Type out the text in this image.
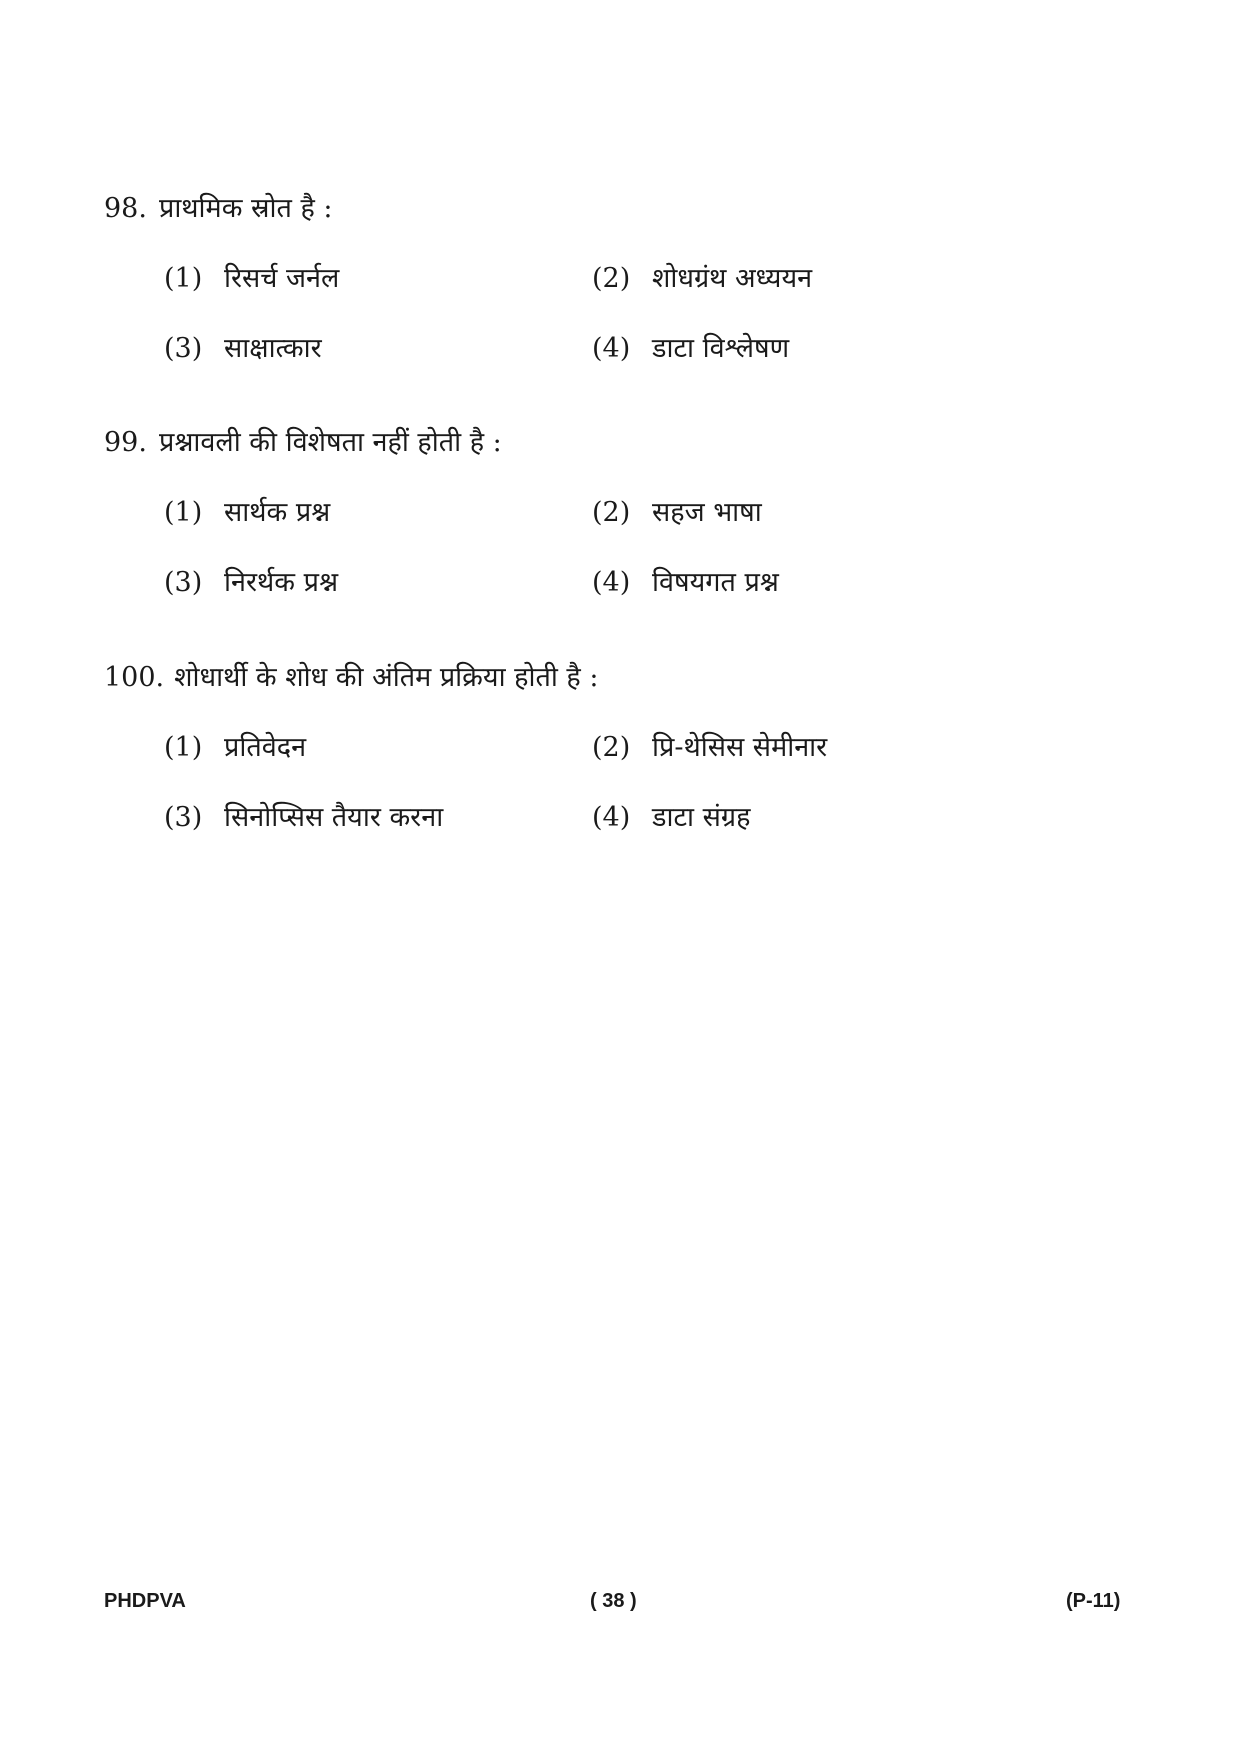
98. प्राथमिक स्रोत है :
(1) रिसर्च जर्नल	(2) शोधग्रंथ अध्ययन
(3) साक्षात्कार	(4) डाटा विश्लेषण
99. प्रश्नावली की विशेषता नहीं होती है :
(1) सार्थक प्रश्न	(2) सहज भाषा
(3) निरर्थक प्रश्न	(4) विषयगत प्रश्न
100. शोधार्थी के शोध की अंतिम प्रक्रिया होती है :
(1) प्रतिवेदन	(2) प्रि-थेसिस सेमीनार
(3) सिनोप्सिस तैयार करना	(4) डाटा संग्रह
PHDPVA	( 38 )	(P-11)
